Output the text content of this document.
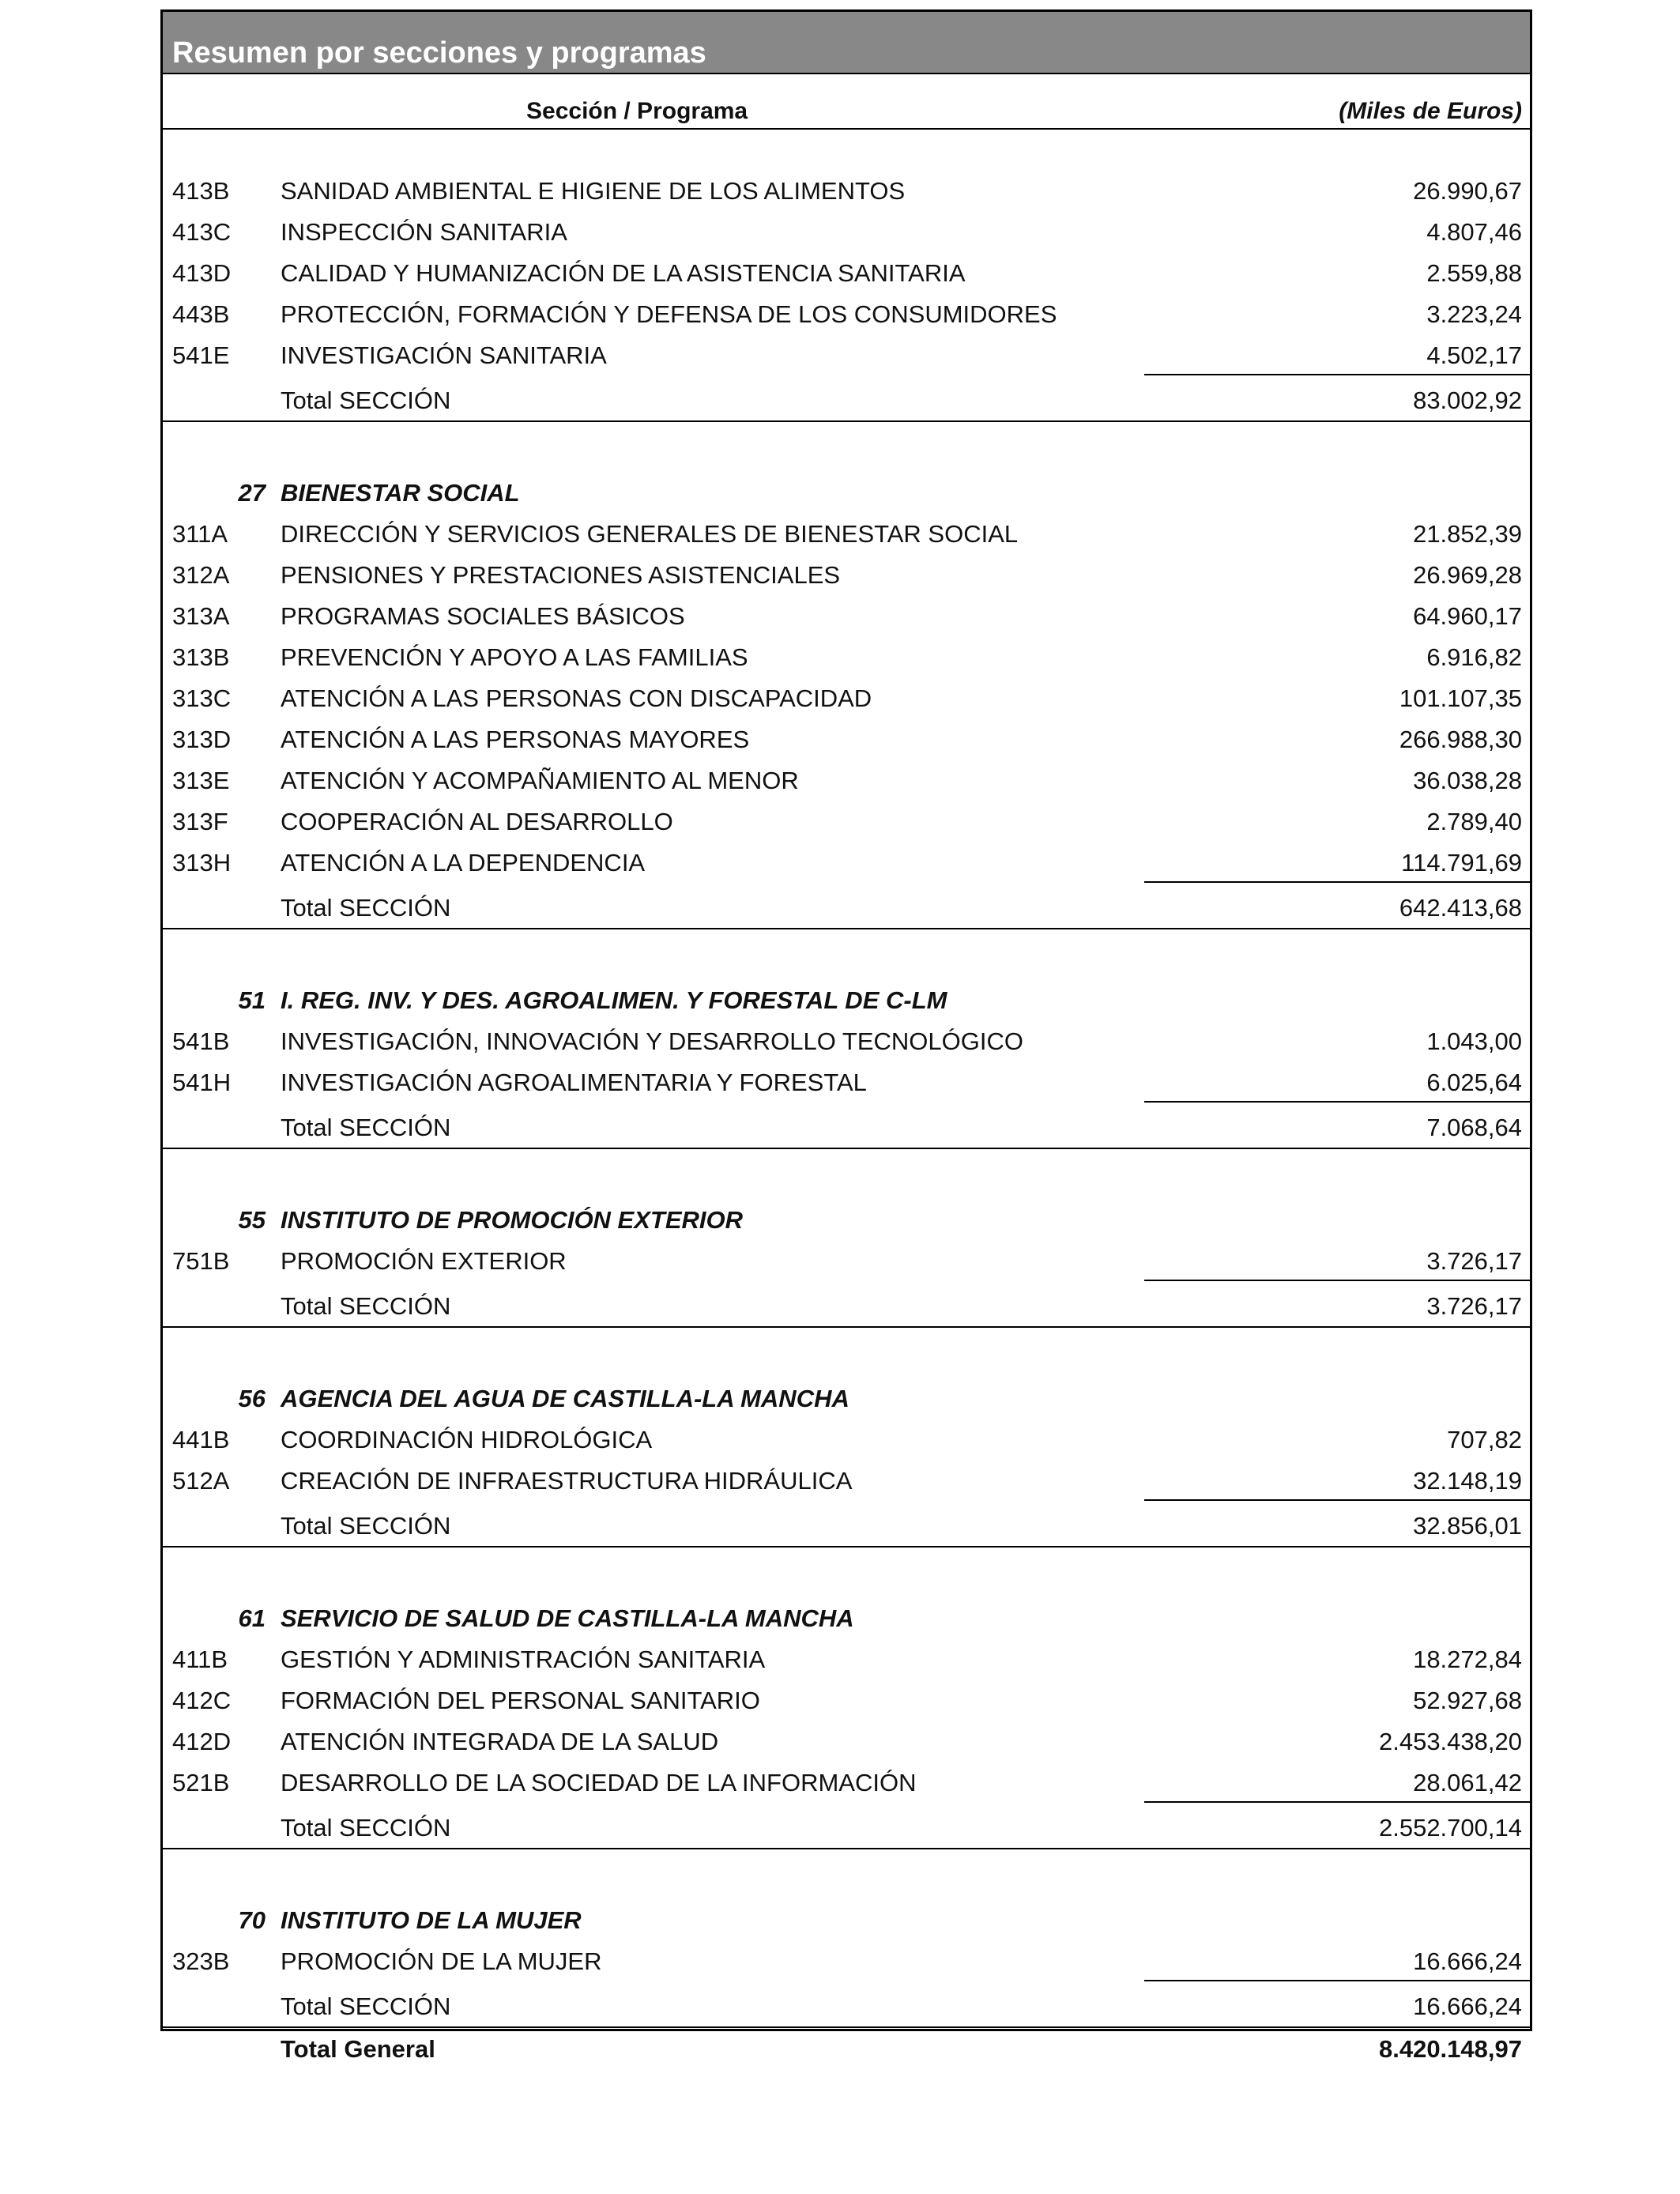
Resumen por secciones y programas
Sección / Programa	(Miles de Euros)
413B SANIDAD AMBIENTAL E HIGIENE DE LOS ALIMENTOS	26.990,67
413C INSPECCIÓN SANITARIA	4.807,46
413D CALIDAD Y HUMANIZACIÓN DE LA ASISTENCIA SANITARIA	2.559,88
443B PROTECCIÓN, FORMACIÓN Y DEFENSA DE LOS CONSUMIDORES	3.223,24
541E INVESTIGACIÓN SANITARIA	4.502,17
Total SECCIÓN	83.002,92
27 BIENESTAR SOCIAL
311A DIRECCIÓN Y SERVICIOS GENERALES DE BIENESTAR SOCIAL	21.852,39
312A PENSIONES Y PRESTACIONES ASISTENCIALES	26.969,28
313A PROGRAMAS SOCIALES BÁSICOS	64.960,17
313B PREVENCIÓN Y APOYO A LAS FAMILIAS	6.916,82
313C ATENCIÓN A LAS PERSONAS CON DISCAPACIDAD	101.107,35
313D ATENCIÓN A LAS PERSONAS MAYORES	266.988,30
313E ATENCIÓN Y ACOMPAÑAMIENTO AL MENOR	36.038,28
313F COOPERACIÓN AL DESARROLLO	2.789,40
313H ATENCIÓN A LA DEPENDENCIA	114.791,69
Total SECCIÓN	642.413,68
51 I. REG. INV. Y DES. AGROALIMEN. Y FORESTAL DE C-LM
541B INVESTIGACIÓN, INNOVACIÓN Y DESARROLLO TECNOLÓGICO	1.043,00
541H INVESTIGACIÓN AGROALIMENTARIA Y FORESTAL	6.025,64
Total SECCIÓN	7.068,64
55 INSTITUTO DE PROMOCIÓN EXTERIOR
751B PROMOCIÓN EXTERIOR	3.726,17
Total SECCIÓN	3.726,17
56 AGENCIA DEL AGUA DE CASTILLA-LA MANCHA
441B COORDINACIÓN HIDROLÓGICA	707,82
512A CREACIÓN DE INFRAESTRUCTURA HIDRÁULICA	32.148,19
Total SECCIÓN	32.856,01
61 SERVICIO DE SALUD DE CASTILLA-LA MANCHA
411B GESTIÓN Y ADMINISTRACIÓN SANITARIA	18.272,84
412C FORMACIÓN DEL PERSONAL SANITARIO	52.927,68
412D ATENCIÓN INTEGRADA DE LA SALUD	2.453.438,20
521B DESARROLLO DE LA SOCIEDAD DE LA INFORMACIÓN	28.061,42
Total SECCIÓN	2.552.700,14
70 INSTITUTO DE LA MUJER
323B PROMOCIÓN DE LA MUJER	16.666,24
Total SECCIÓN	16.666,24
Total General	8.420.148,97
